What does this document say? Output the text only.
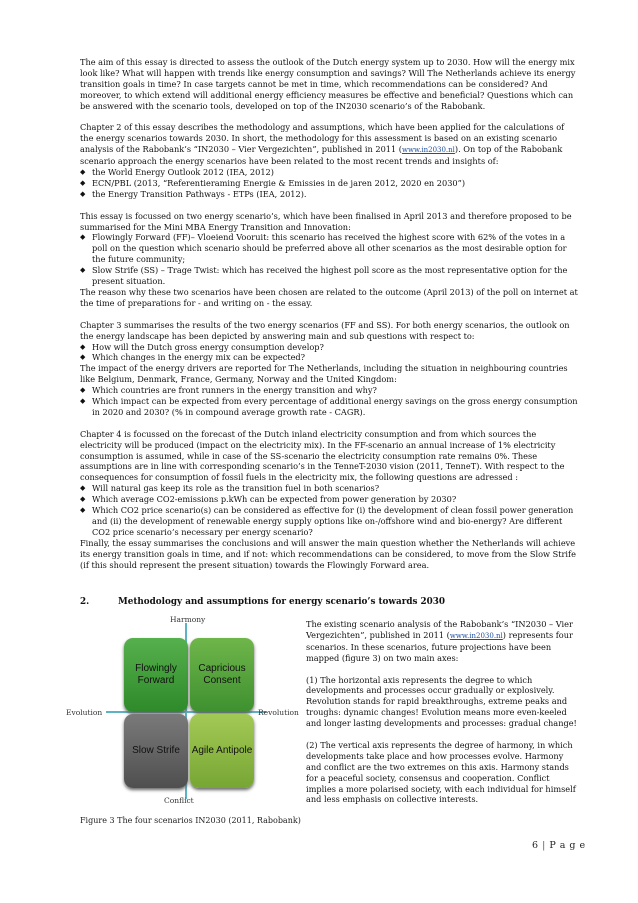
The aim of this essay is directed to assess the outlook of the Dutch energy system up to 2030. How will the energy mix look like? What will happen with trends like energy consumption and savings? Will The Netherlands achieve its energy transition goals in time? In case targets cannot be met in time, which recommendations can be considered? And moreover, to which extend will additional energy efficiency measures be effective and beneficial? Questions which can be answered with the scenario tools, developed on top of the IN2030 scenario’s of the Rabobank.

Chapter 2 of this essay describes the methodology and assumptions, which have been applied for the calculations of the energy scenarios towards 2030. In short, the methodology for this assessment is based on an existing scenario analysis of the Rabobank’s “IN2030 – Vier Vergezichten”, published in 2011 (www.in2030.nl). On top of the Rabobank scenario approach the energy scenarios have been related to the most recent trends and insights of:

◆ the World Energy Outlook 2012 (IEA, 2012)
◆ ECN/PBL (2013, “Referentieraming Energie & Emissies in de jaren 2012, 2020 en 2030”)
◆ the Energy Transition Pathways - ETPs (IEA, 2012).

This essay is focussed on two energy scenario’s, which have been finalised in April 2013 and therefore proposed to be summarised for the Mini MBA Energy Transition and Innovation:

◆ Flowingly Forward (FF)– Vloeiend Vooruit: this scenario has received the highest score with 62% of the votes in a poll on the question which scenario should be preferred above all other scenarios as the most desirable option for the future community;
◆ Slow Strife (SS) – Trage Twist: which has received the highest poll score as the most representative option for the present situation.

The reason why these two scenarios have been chosen are related to the outcome (April 2013) of the poll on internet at the time of preparations for - and writing on - the essay.

Chapter 3 summarises the results of the two energy scenarios (FF and SS). For both energy scenarios, the outlook on the energy landscape has been depicted by answering main and sub questions with respect to:

◆ How will the Dutch gross energy consumption develop?
◆ Which changes in the energy mix can be expected?

The impact of the energy drivers are reported for The Netherlands, including the situation in neighbouring countries like Belgium, Denmark, France, Germany, Norway and the United Kingdom:

◆ Which countries are front runners in the energy transition and why?
◆ Which impact can be expected from every percentage of additional energy savings on the gross energy consumption in 2020 and 2030? (% in compound average growth rate - CAGR).

Chapter 4 is focussed on the forecast of the Dutch inland electricity consumption and from which sources the electricity will be produced (impact on the electricity mix). In the FF-scenario an annual increase of 1% electricity consumption is assumed, while in case of the SS-scenario the electricity consumption rate remains 0%. These assumptions are in line with corresponding scenario’s in the TenneT-2030 vision (2011, TenneT). With respect to the consequences for consumption of fossil fuels in the electricity mix, the following questions are adressed :

◆ Will natural gas keep its role as the transition fuel in both scenarios?
◆ Which average CO2-emissions p.kWh can be expected from power generation by 2030?
◆ Which CO2 price scenario(s) can be considered as effective for (i) the development of clean fossil power generation and (ii) the development of renewable energy supply options like on-/offshore wind and bio-energy? Are different CO2 price scenario’s necessary per energy scenario?

Finally, the essay summarises the conclusions and will answer the main question whether the Netherlands will achieve its energy transition goals in time, and if not: which recommendations can be considered, to move from the Slow Strife (if this should represent the present situation) towards the Flowingly Forward area.

2.	Methodology and assumptions for energy scenario’s towards 2030
Harmony
Conflict
Evolution	Revolution
Flowingly Forward
Capricious Consent
Slow Strife Agile Antipole

The existing scenario analysis of the Rabobank’s “IN2030 – Vier Vergezichten”, published in 2011 (www.in2030.nl) represents four scenarios. In these scenarios, future projections have been mapped (figure 3) on two main axes:

(1) The horizontal axis represents the degree to which developments and processes occur gradually or explosively. Revolution stands for rapid breakthroughs, extreme peaks and troughs: dynamic changes! Evolution means more even-keeled and longer lasting developments and processes: gradual change!

(2) The vertical axis represents the degree of harmony, in which developments take place and how processes evolve. Harmony and conflict are the two extremes on this axis. Harmony stands for a peaceful society, consensus and cooperation. Conflict implies a more polarised society, with each individual for himself and less emphasis on collective interests.

Figure 3 The four scenarios IN2030 (2011, Rabobank)
6 | P a g e
